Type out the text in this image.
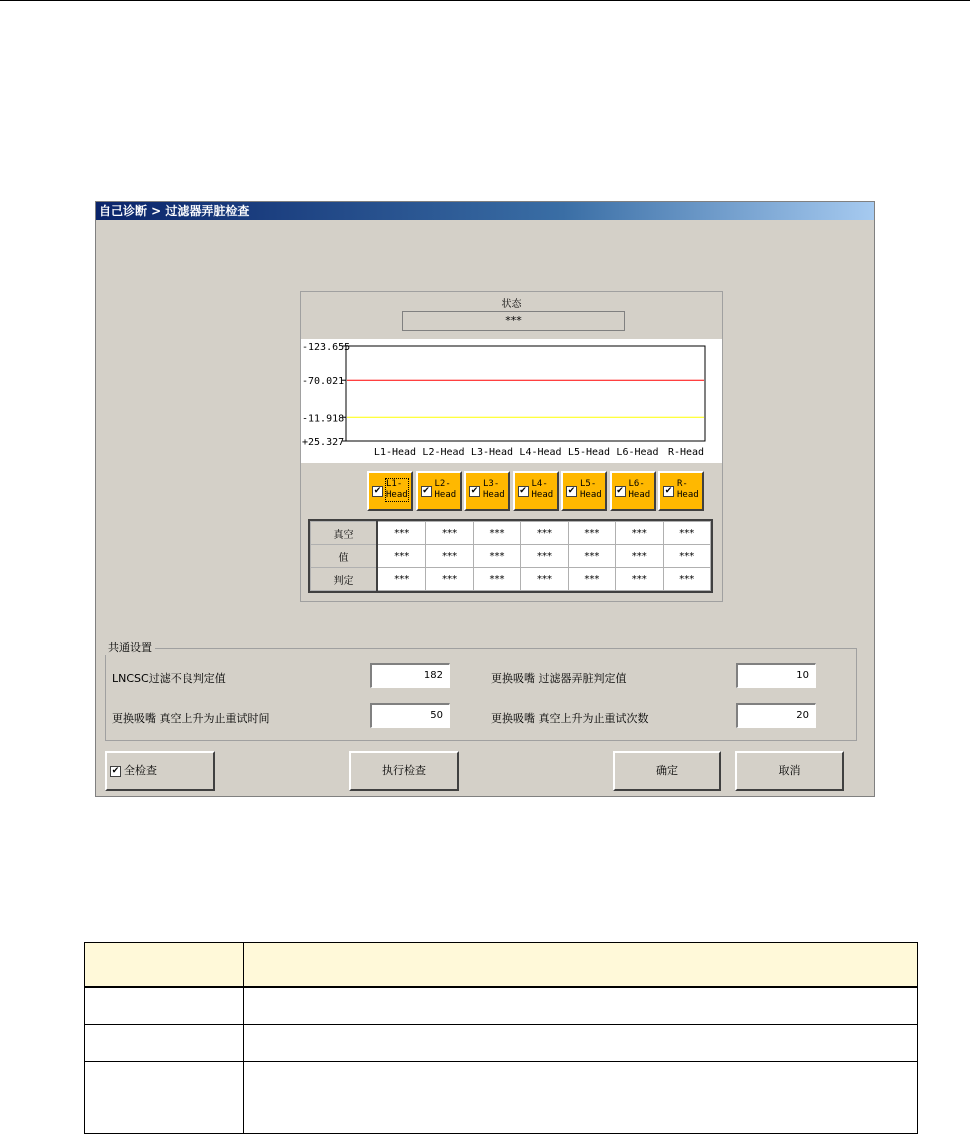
自己诊断 > 过滤器弄脏检查
状态
***
-123.655
-70.021
-11.918
+25.327
L1-Head L2-Head L3-Head L4-Head L5-Head L6-Head R-Head
✔
L1-
Head ✔
L2-
Head ✔
L3-
Head ✔
L4-
Head ✔
L5-
Head ✔
L6-
Head ✔
R-
Head
真空	***	***	***	***	***	***	***
值	***	***	***	***	***	***	***
判定	***	***	***	***	***	***	***
共通设置
LNCSC过滤不良判定值	182	更换吸嘴 过滤器弄脏判定值	10
更换吸嘴 真空上升为止重试时间	50	更换吸嘴 真空上升为止重试次数	20
✔ 全检查	执行检查	确定	取消
